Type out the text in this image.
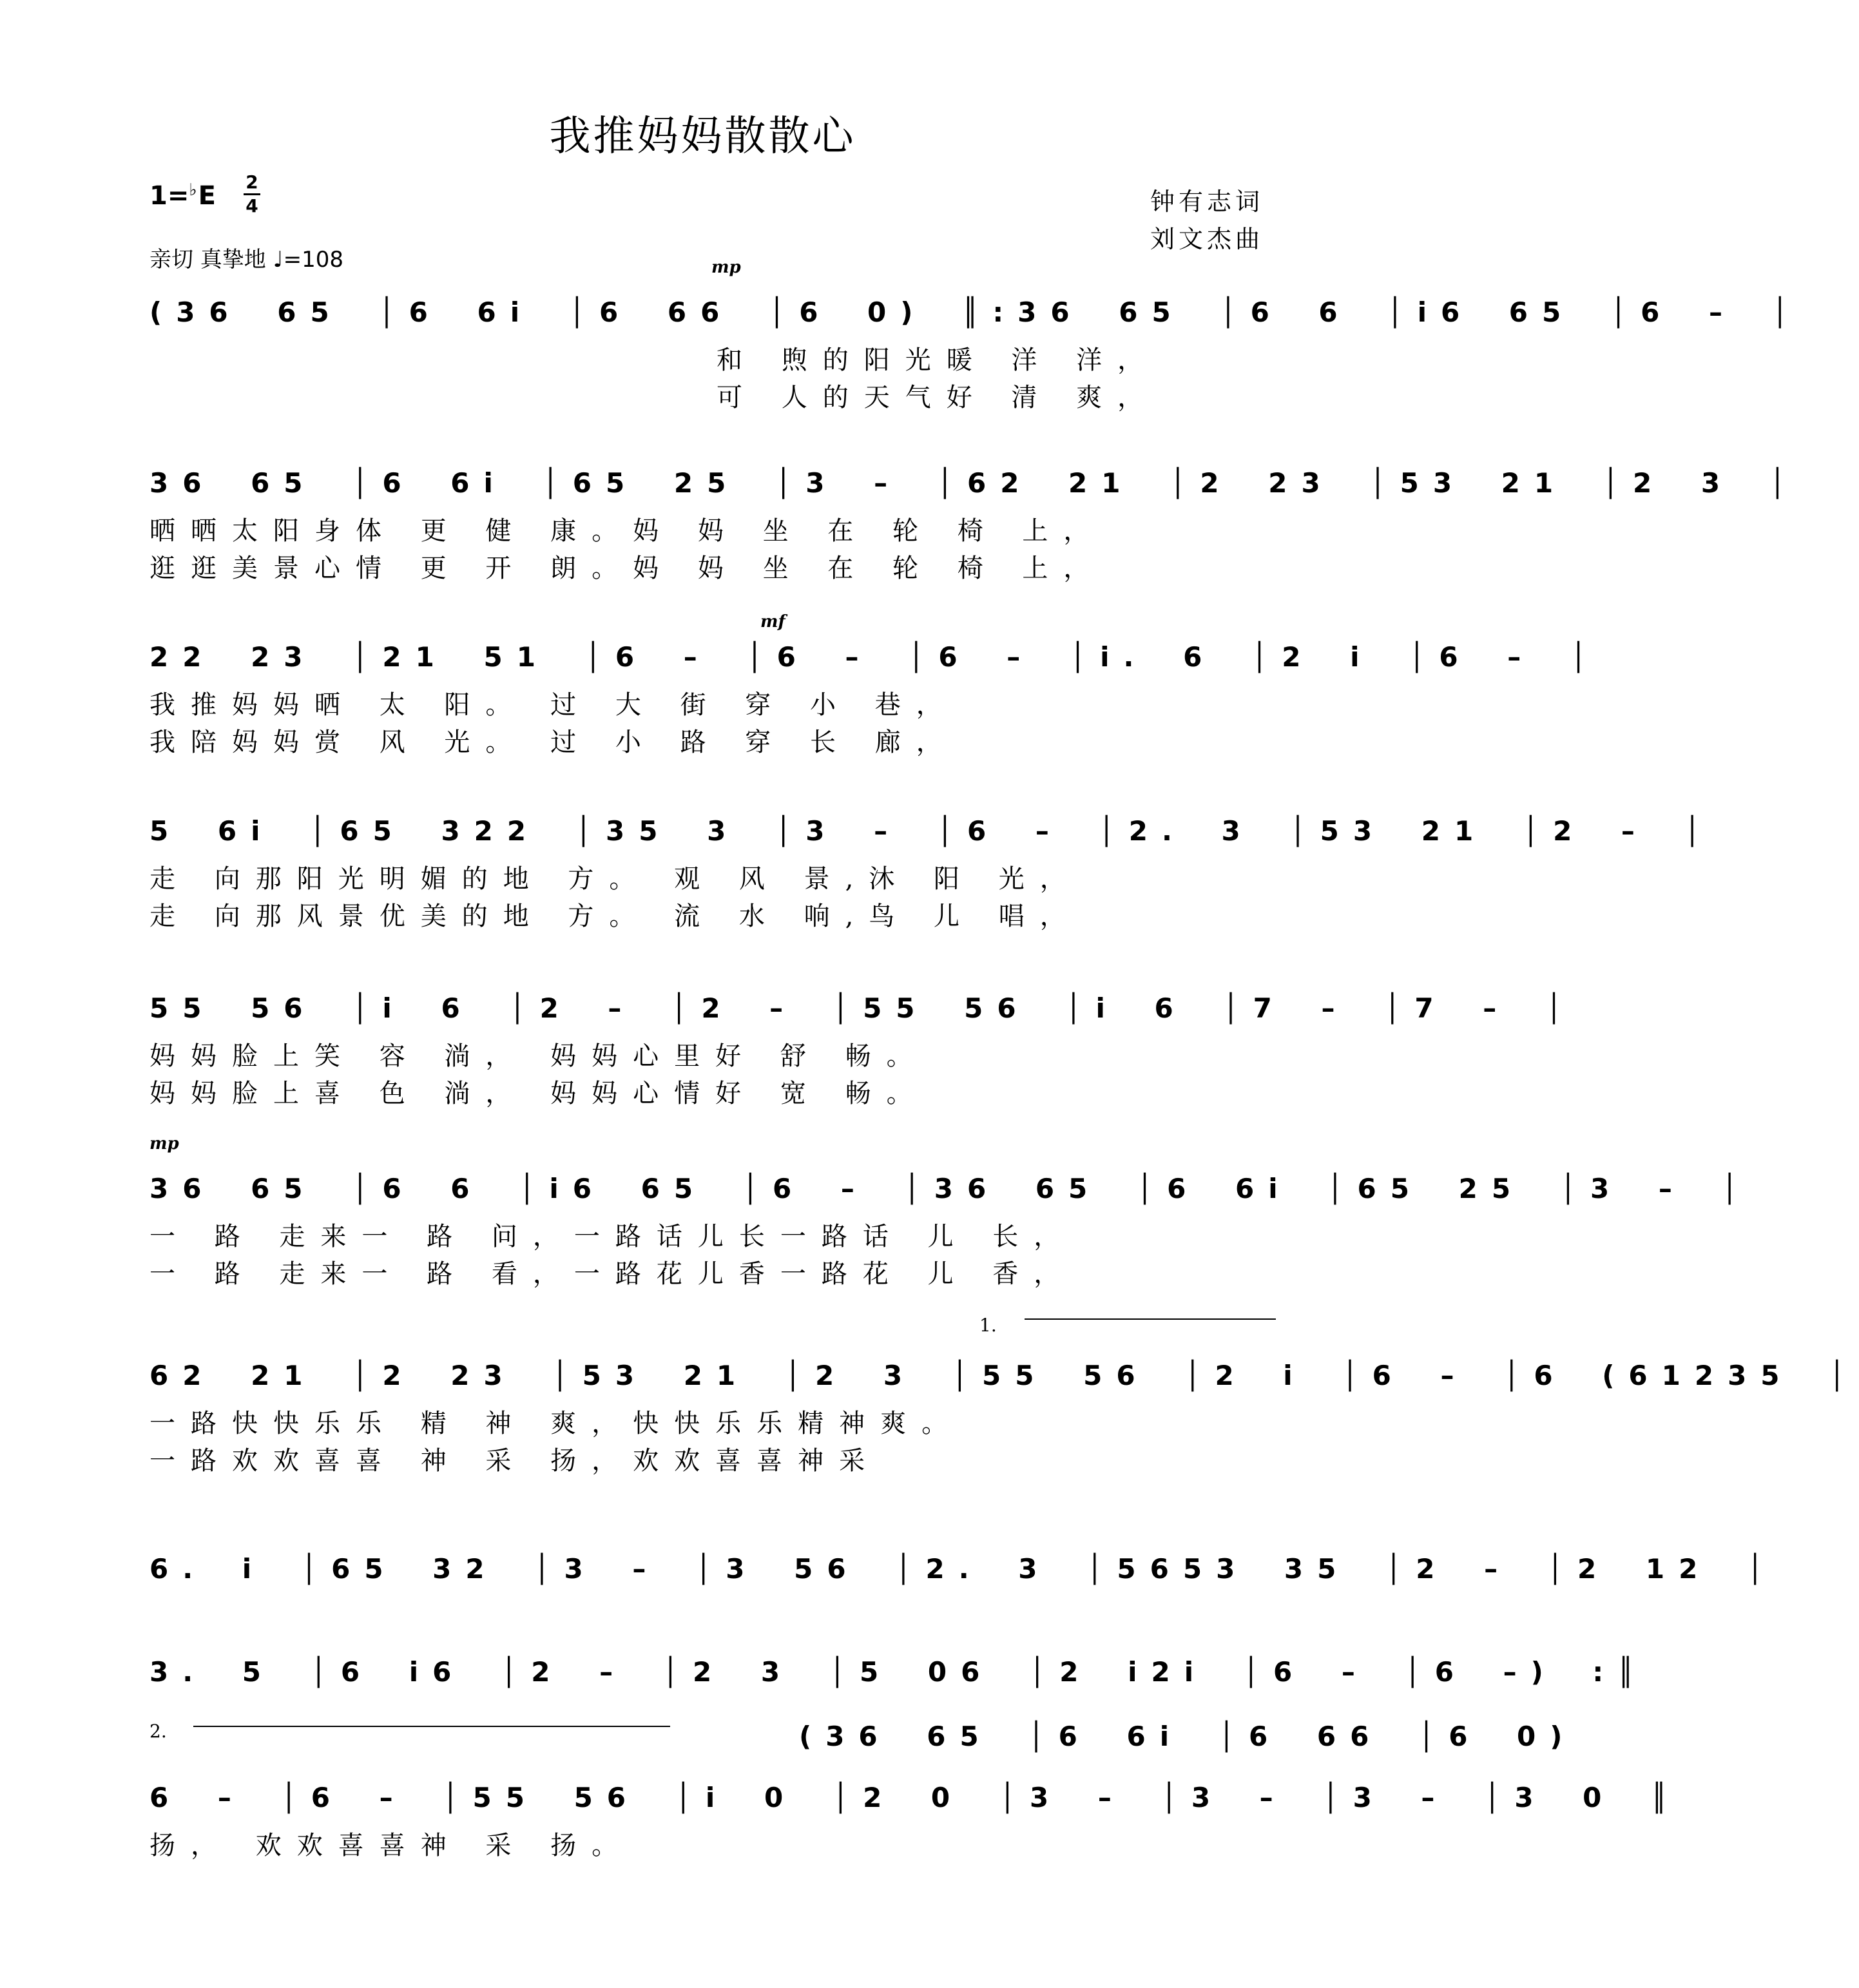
我推妈妈散散心
1=♭E 2
4
亲切 真挚地 ♩=108
钟有志词
刘文杰曲
mp
mf
mp
(36 65 │6 6i │6 66 │6 0) ║:36 65 │6 6 │i6 65 │6 – │
和 煦的阳光暖 洋 洋，
可 人的天气好 清 爽，
36 65 │6 6i │65 25 │3 – │62 21 │2 23 │53 21 │2 3 │
晒晒太阳身体 更 健 康。妈 妈 坐 在 轮 椅 上，
逛逛美景心情 更 开 朗。妈 妈 坐 在 轮 椅 上，
22 23 │21 51 │6 – │6 – │6 – │i. 6 │2 i │6 – │
我推妈妈晒 太 阳。 过 大 街 穿 小 巷，
我陪妈妈赏 风 光。 过 小 路 穿 长 廊，
5 6i │65 322 │35 3 │3 – │6 – │2. 3 │53 21 │2 – │
走 向那阳光明媚的地 方。 观 风 景,沐 阳 光，
走 向那风景优美的地 方。 流 水 响,鸟 儿 唱，
55 56 │i 6 │2 – │2 – │55 56 │i 6 │7 – │7 – │
妈妈脸上笑 容 淌， 妈妈心里好 舒 畅。
妈妈脸上喜 色 淌， 妈妈心情好 宽 畅。
36 65 │6 6 │i6 65 │6 – │36 65 │6 6i │65 25 │3 – │
一 路 走来一 路 问，一路话儿长一路话 儿 长，
一 路 走来一 路 看，一路花儿香一路花 儿 香，
1.
62 21 │2 23 │53 21 │2 3 │55 56 │2 i │6 – │6 (61235 │
一路快快乐乐 精 神 爽，快快乐乐精神爽。
一路欢欢喜喜 神 采 扬，欢欢喜喜神采
6. i │65 32 │3 – │3 56 │2. 3 │5653 35 │2 – │2 12 │
3. 5 │6 i6 │2 – │2 3 │5 06 │2 i2i │6 – │6 –) :║
2.	(36 65 │6 6i │6 66 │6 0)
6 – │6 – │55 56 │i 0 │2 0 │3 – │3 – │3 – │3 0 ║
扬， 欢欢喜喜神 采 扬。
